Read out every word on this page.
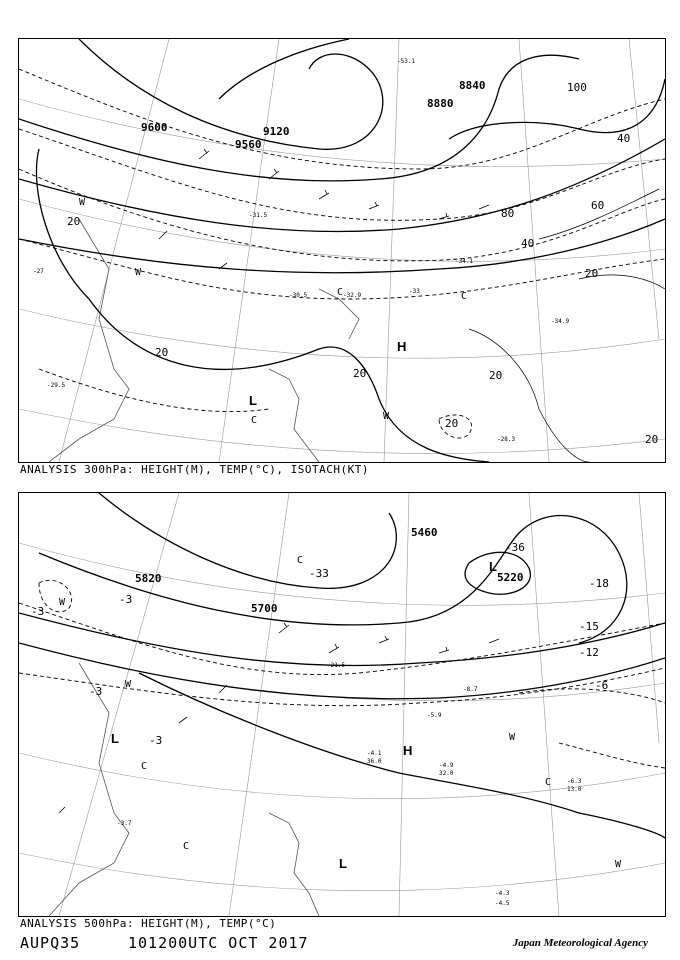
9600
9560
9120
8880
8840
20
20
20	20
40
40
60
80
100
20
20
20
H
L
C
W
W
C	C
W
-27
-29.5
-30.5	-32.9
-33
-34.1
-34.9
-28.3
-31.5
-53.1
ANALYSIS 300hPa: HEIGHT(M), TEMP(°C), ISOTACH(KT)
5820
5700
5460
5220
-3
-3
-3
-3
-6
-12
-15
-18
-36
-33
H
L
L
L
C
C
C
C
W
W
W
W
-4.3
-6.3
-4.9
-3.7
-4.1
-5.9
-8.7
-21.5
-4.5
13.0
32.0
36.0
ANALYSIS 500hPa: HEIGHT(M), TEMP(°C)
AUPQ35	101200UTC OCT 2017	Japan Meteorological Agency
